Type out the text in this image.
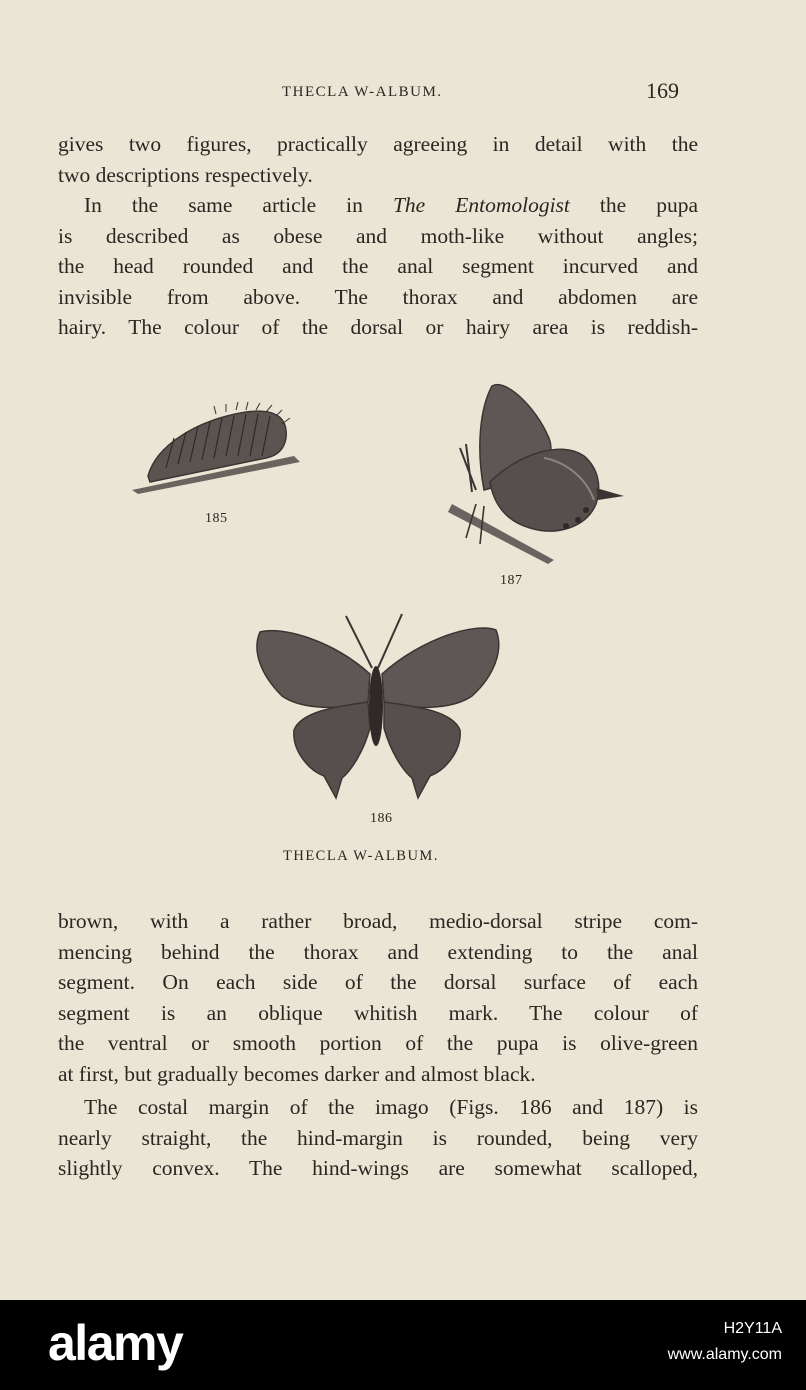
THECLA W-ALBUM.	169
gives two figures, practically agreeing in detail with the
two descriptions respectively.
In the same article in The Entomologist the pupa
is described as obese and moth-like without angles;
the head rounded and the anal segment incurved and
invisible from above. The thorax and abdomen are
hairy. The colour of the dorsal or hairy area is reddish-
185
187
186
THECLA W-ALBUM.
brown, with a rather broad, medio-dorsal stripe com-
mencing behind the thorax and extending to the anal
segment. On each side of the dorsal surface of each
segment is an oblique whitish mark. The colour of
the ventral or smooth portion of the pupa is olive-green
at first, but gradually becomes darker and almost black.
The costal margin of the imago (Figs. 186 and 187) is
nearly straight, the hind-margin is rounded, being very
slightly convex. The hind-wings are somewhat scalloped,
alamy	H2Y11A
www.alamy.com
